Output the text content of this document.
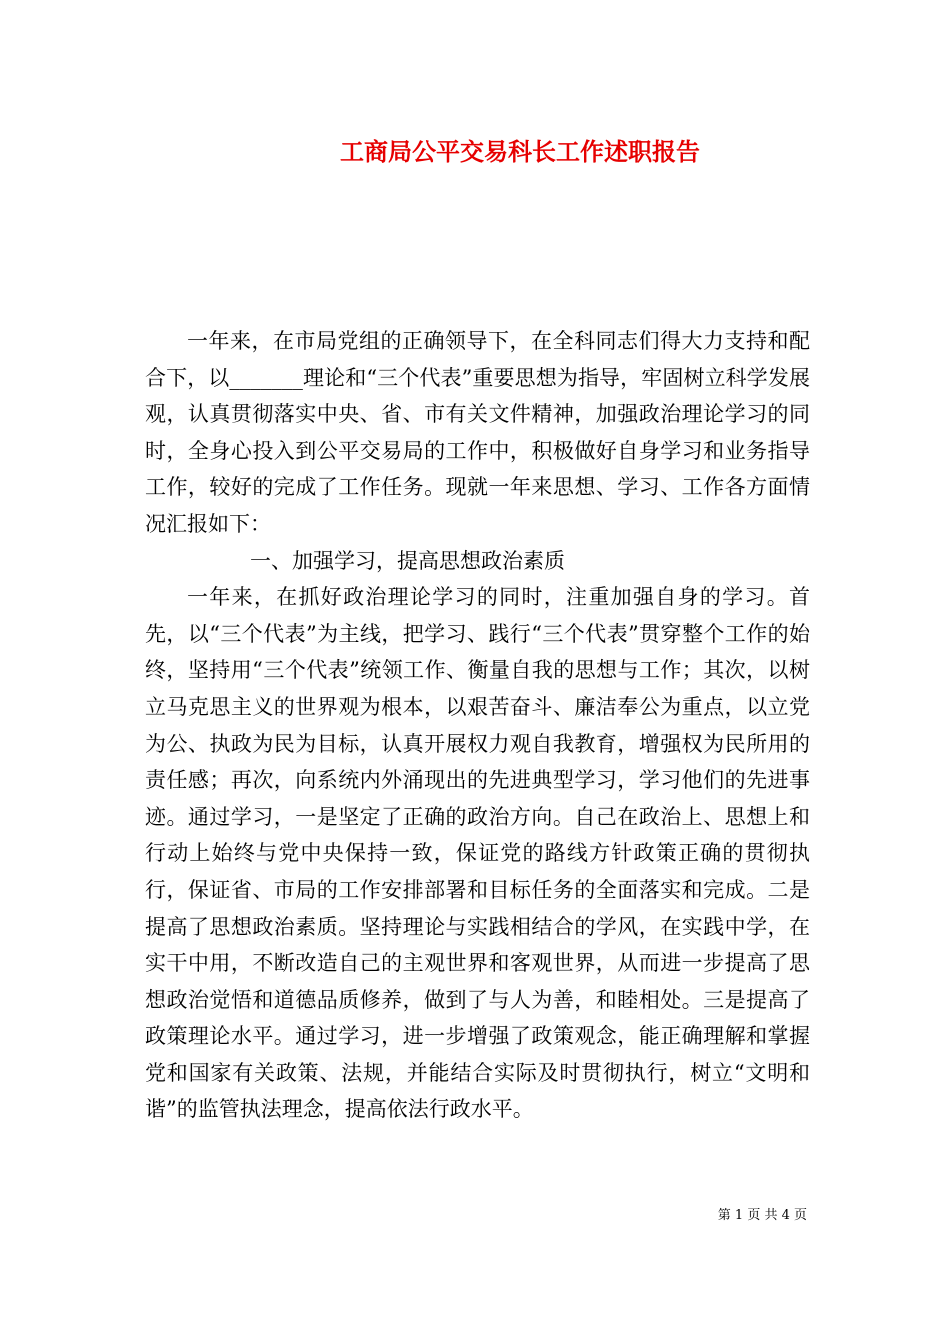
工商局公平交易科长工作述职报告

一年来，在市局党组的正确领导下，在全科同志们得大力支持和配合下，以_______理论和“三个代表”重要思想为指导，牢固树立科学发展观，认真贯彻落实中央、省、市有关文件精神，加强政治理论学习的同时，全身心投入到公平交易局的工作中，积极做好自身学习和业务指导工作，较好的完成了工作任务。现就一年来思想、学习、工作各方面情况汇报如下：

一、加强学习，提高思想政治素质

一年来，在抓好政治理论学习的同时，注重加强自身的学习。首先，以“三个代表”为主线，把学习、践行“三个代表”贯穿整个工作的始终，坚持用“三个代表”统领工作、衡量自我的思想与工作；其次，以树立马克思主义的世界观为根本，以艰苦奋斗、廉洁奉公为重点，以立党为公、执政为民为目标，认真开展权力观自我教育，增强权为民所用的责任感；再次，向系统内外涌现出的先进典型学习，学习他们的先进事迹。通过学习，一是坚定了正确的政治方向。自己在政治上、思想上和行动上始终与党中央保持一致，保证党的路线方针政策正确的贯彻执行，保证省、市局的工作安排部署和目标任务的全面落实和完成。二是提高了思想政治素质。坚持理论与实践相结合的学风，在实践中学，在实干中用，不断改造自己的主观世界和客观世界，从而进一步提高了思想政治觉悟和道德品质修养，做到了与人为善，和睦相处。三是提高了政策理论水平。通过学习，进一步增强了政策观念，能正确理解和掌握党和国家有关政策、法规，并能结合实际及时贯彻执行，树立“文明和谐”的监管执法理念，提高依法行政水平。

第 1 页 共 4 页
